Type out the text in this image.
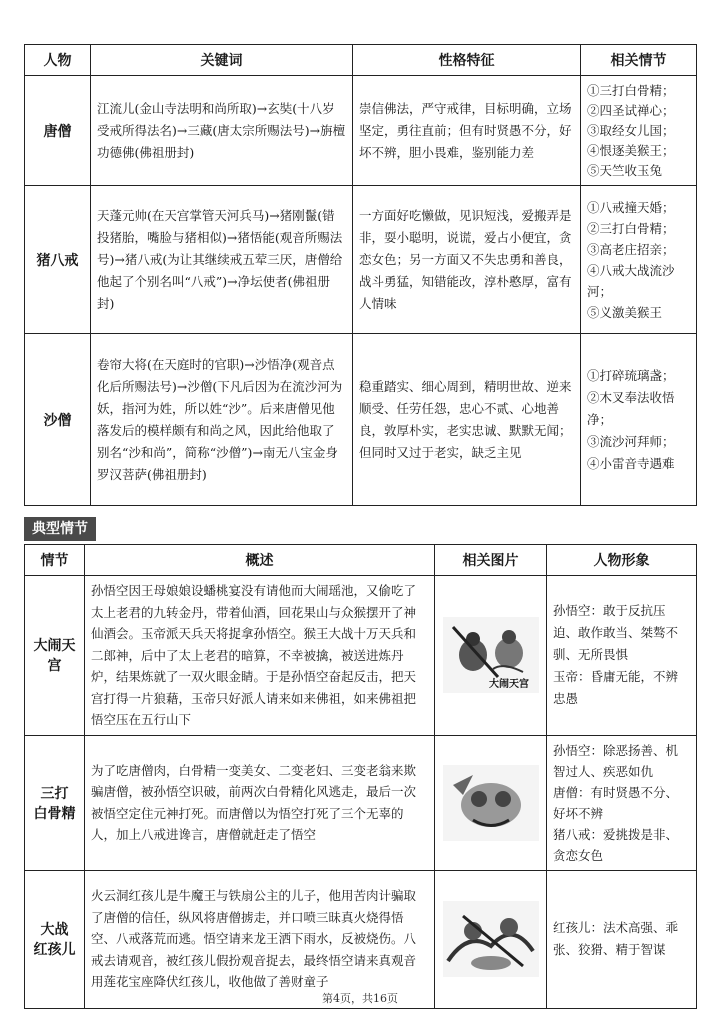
人物	关键词	性格特征	相关情节
唐僧	江流儿(金山寺法明和尚所取)→玄奘(十八岁受戒所得法名)→三藏(唐太宗所赐法号)→旃檀功德佛(佛祖册封)	崇信佛法，严守戒律，目标明确，立场坚定，勇往直前；但有时贤愚不分，好坏不辨，胆小畏难，鉴别能力差	①三打白骨精；
②四圣试禅心；
③取经女儿国；
④恨逐美猴王；
⑤天竺收玉兔

猪八戒	天蓬元帅(在天宫掌管天河兵马)→猪刚鬣(错投猪胎，嘴脸与猪相似)→猪悟能(观音所赐法号)→猪八戒(为让其继续戒五荤三厌，唐僧给他起了个别名叫“八戒”)→净坛使者(佛祖册封)	一方面好吃懒做，见识短浅，爱搬弄是非，耍小聪明，说谎，爱占小便宜，贪恋女色；另一方面又不失忠勇和善良，战斗勇猛，知错能改，淳朴憨厚，富有人情味	①八戒撞天婚；
②三打白骨精；
③高老庄招亲；
④八戒大战流沙河；
⑤义激美猴王

沙僧	卷帘大将(在天庭时的官职)→沙悟净(观音点化后所赐法号)→沙僧(下凡后因为在流沙河为妖，指河为姓，所以姓“沙”。后来唐僧见他落发后的模样颇有和尚之风，因此给他取了别名“沙和尚”，简称“沙僧”)→南无八宝金身罗汉菩萨(佛祖册封)	稳重踏实、细心周到，精明世故、逆来顺受、任劳任怨，忠心不贰、心地善良，敦厚朴实，老实忠诚、默默无闻；但同时又过于老实，缺乏主见	①打碎琉璃盏；
②木叉奉法收悟净；
③流沙河拜师；
④小雷音寺遇难
典型情节
情节	概述	相关图片	人物形象
大闹天宫	孙悟空因王母娘娘设蟠桃宴没有请他而大闹瑶池，又偷吃了太上老君的九转金丹，带着仙酒，回花果山与众猴摆开了神仙酒会。玉帝派天兵天将捉拿孙悟空。猴王大战十万天兵和二郎神，后中了太上老君的暗算，不幸被擒，被送进炼丹炉，结果炼就了一双火眼金睛。于是孙悟空奋起反击，把天宫打得一片狼藉，玉帝只好派人请来如来佛祖，如来佛祖把悟空压在五行山下	大闹天宫	孙悟空：敢于反抗压迫、敢作敢当、桀骜不驯、无所畏惧
玉帝：昏庸无能，不辨忠愚
三打
白骨精	为了吃唐僧肉，白骨精一变美女、二变老妇、三变老翁来欺骗唐僧，被孙悟空识破，前两次白骨精化风逃走，最后一次被悟空定住元神打死。而唐僧以为悟空打死了三个无辜的人，加上八戒进谗言，唐僧就赶走了悟空		孙悟空：除恶扬善、机智过人、疾恶如仇
唐僧：有时贤愚不分、好坏不辨
猪八戒：爱挑拨是非、贪恋女色
大战
红孩儿	火云洞红孩儿是牛魔王与铁扇公主的儿子，他用苦肉计骗取了唐僧的信任，纵风将唐僧掳走，并口喷三昧真火烧得悟空、八戒落荒而逃。悟空请来龙王洒下雨水，反被烧伤。八戒去请观音，被红孩儿假扮观音捉去，最终悟空请来真观音用莲花宝座降伏红孩儿，收他做了善财童子		红孩儿：法术高强、乖张、狡猾、精于智谋
第4页，共16页
